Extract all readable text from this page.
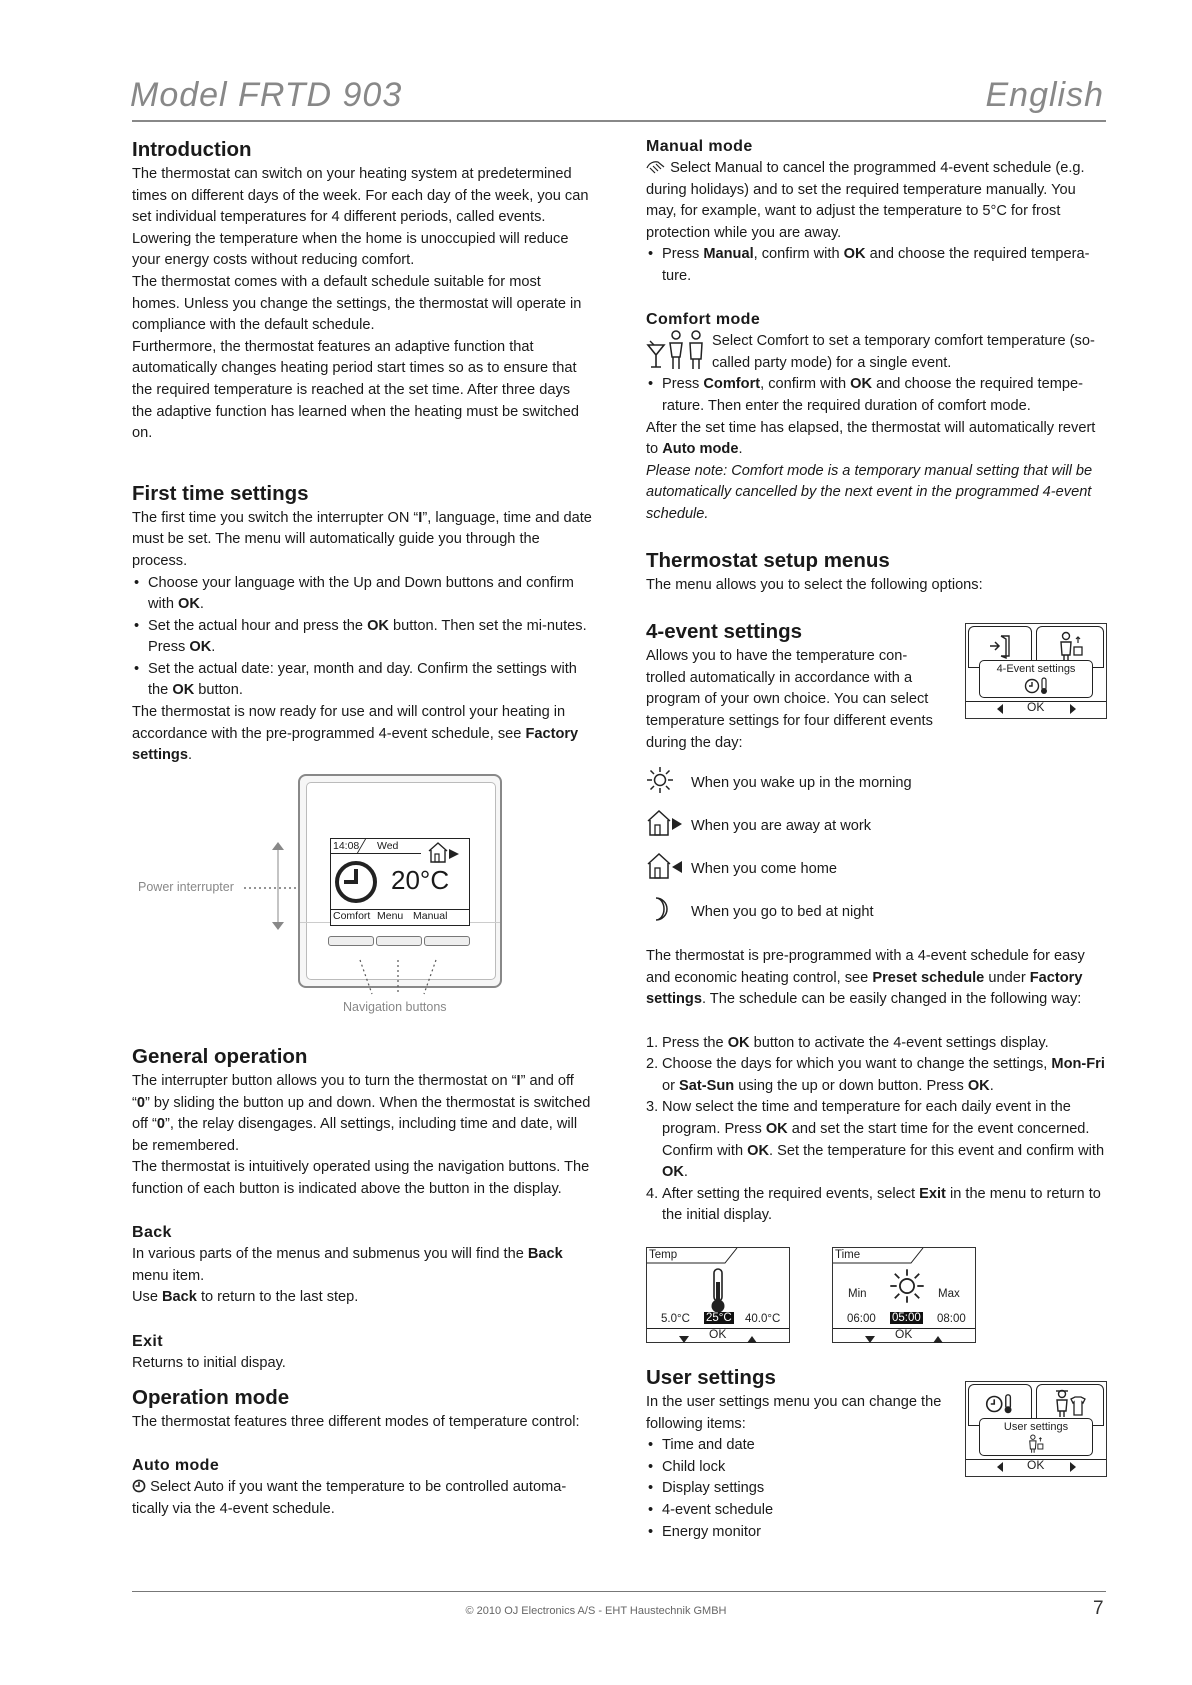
Model FRTD 903	English
Introduction

The thermostat can switch on your heating system at predetermined times on different days of the week. For each day of the week, you can set individual temperatures for 4 different periods, called events. Lowering the temperature when the home is unoccupied will reduce your energy costs without reducing comfort.

The thermostat comes with a default schedule suitable for most homes. Unless you change the settings, the thermostat will operate in compliance with the default schedule.

Furthermore, the thermostat features an adaptive function that automatically changes heating period start times so as to ensure that the required temperature is reached at the set time. After three days the adaptive function has learned when the heating must be switched on.

First time settings

The first time you switch the interrupter ON “I”, language, time and date must be set. The menu will automatically guide you through the process.

• Choose your language with the Up and Down buttons and confirm with OK.
• Set the actual hour and press the OK button. Then set the mi-nutes. Press OK.
• Set the actual date: year, month and day. Confirm the settings with the OK button.

The thermostat is now ready for use and will control your heating in accordance with the pre-programmed 4-event schedule, see Factory settings.

14:08 Wed
20°C
Comfort Menu Manual
Power interrupter
Navigation buttons
General operation

The interrupter button allows you to turn the thermostat on “I” and off “0” by sliding the button up and down. When the thermostat is switched off “0”, the relay disengages. All settings, including time and date, will be remembered.

The thermostat is intuitively operated using the navigation buttons. The function of each button is indicated above the button in the display.

Back

In various parts of the menus and submenus you will find the Back menu item.

Use Back to return to the last step.

Exit

Returns to initial dispay.

Operation mode

The thermostat features three different modes of temperature control:

Auto mode

Select Auto if you want the temperature to be controlled automa-tically via the 4-event schedule.

Manual mode

Select Manual to cancel the programmed 4-event schedule (e.g. during holidays) and to set the required temperature manually. You may, for example, want to adjust the temperature to 5°C for frost protection while you are away.

• Press Manual, confirm with OK and choose the required tempera-ture.
Comfort mode
Select Comfort to set a temporary comfort temperature (so-called party mode) for a single event.
• Press Comfort, confirm with OK and choose the required tempe-rature. Then enter the required duration of comfort mode.

After the set time has elapsed, the thermostat will automatically revert to Auto mode.

Please note: Comfort mode is a temporary manual setting that will be automatically cancelled by the next event in the programmed 4-event schedule.

Thermostat setup menus

The menu allows you to select the following options:

4-event settings

Allows you to have the temperature con-trolled automatically in accordance with a program of your own choice. You can select temperature settings for four different events during the day:

When you wake up in the morning
When you are away at work
When you come home
When you go to bed at night

The thermostat is pre-programmed with a 4-event schedule for easy and economic heating control, see Preset schedule under Factory settings. The schedule can be easily changed in the following way:

1. Press the OK button to activate the 4-event settings display.
2. Choose the days for which you want to change the settings, Mon-Fri or Sat-Sun using the up or down button. Press OK.
3. Now select the time and temperature for each daily event in the program. Press OK and set the start time for the event concerned. Confirm with OK. Set the temperature for this event and confirm with OK.
4. After setting the required events, select Exit in the menu to return to the initial display.
4-Event settings
OK
Temp
5.0°C 25°C 40.0°C
OK
Time
Min	Max
06:00 05:00 08:00
OK
User settings

In the user settings menu you can change the following items:

• Time and date
• Child lock
• Display settings
• 4-event schedule
• Energy monitor
User settings
OK
© 2010 OJ Electronics A/S - EHT Haustechnik GMBH	7
